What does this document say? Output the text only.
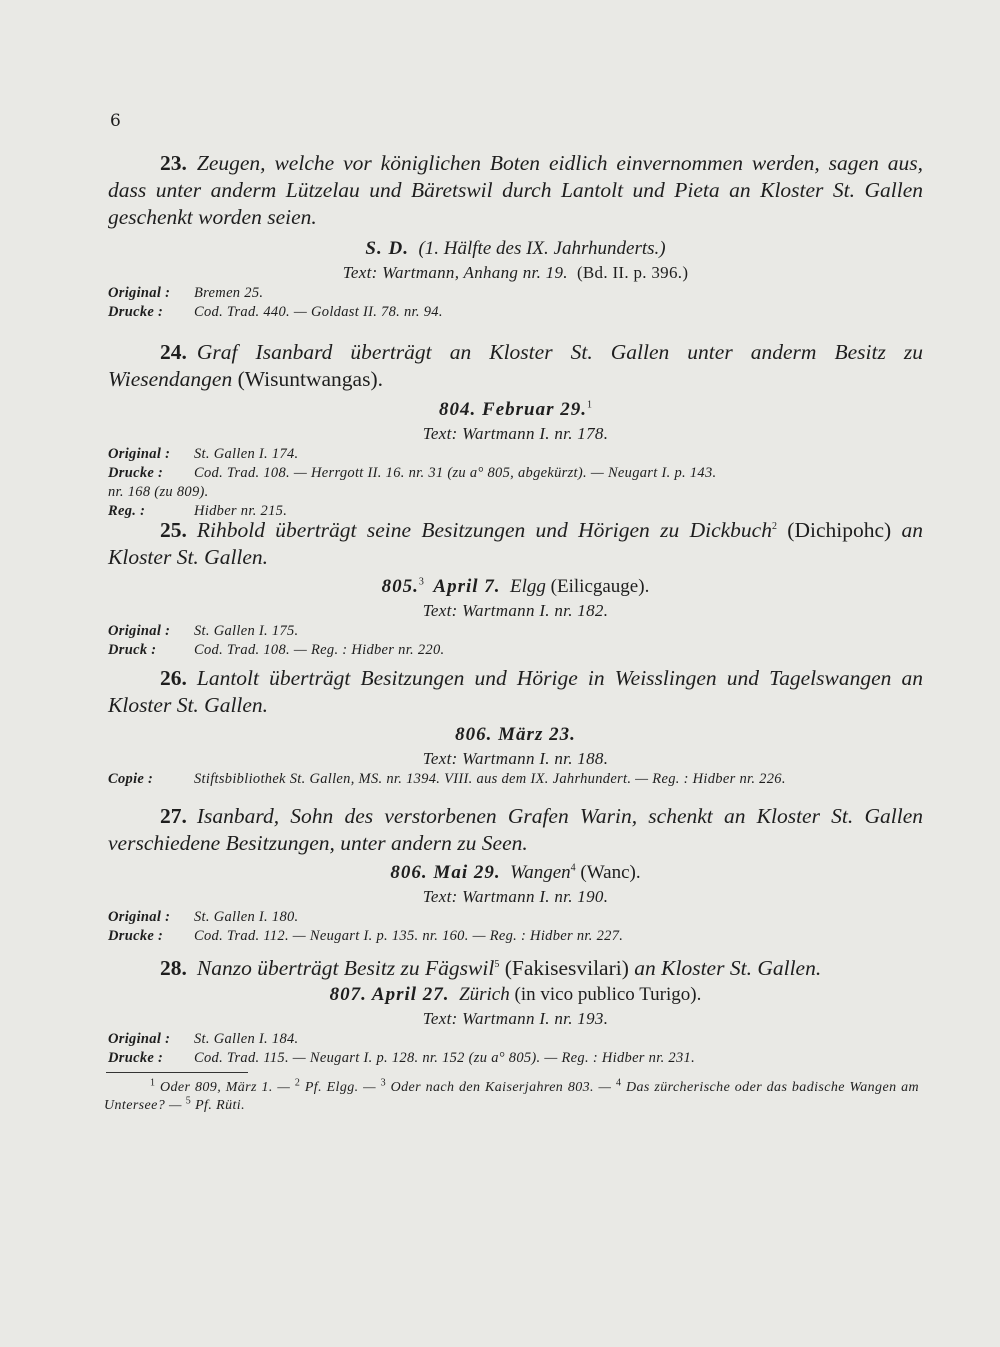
6

23. Zeugen, welche vor königlichen Boten eidlich einvernommen werden, sagen aus, dass unter anderm Lützelau und Bäretswil durch Lantolt und Pieta an Kloster St. Gallen geschenkt worden seien.

S. D. (1. Hälfte des IX. Jahrhunderts.)

Text: Wartmann, Anhang nr. 19. (Bd. II. p. 396.)

Original : Bremen 25.

Drucke : Cod. Trad. 440. — Goldast II. 78. nr. 94.

24. Graf Isanbard überträgt an Kloster St. Gallen unter anderm Besitz zu Wiesendangen (Wisuntwangas).

804. Februar 29.$^1$

Text: Wartmann I. nr. 178.

Original : St. Gallen I. 174.

Drucke : Cod. Trad. 108. — Herrgott II. 16. nr. 31 (zu a° 805, abgekürzt). — Neugart I. p. 143.

nr. 168 (zu 809).

Reg. :	Hidber nr. 215.

25. Rihbold überträgt seine Besitzungen und Hörigen zu Dickbuch$^2$ (Dichipohc) an Kloster St. Gallen.

805.$^3$ April 7. Elgg (Eilicgauge).

Text: Wartmann I. nr. 182.

Original : St. Gallen I. 175.

Druck :	Cod. Trad. 108. — Reg. : Hidber nr. 220.

26. Lantolt überträgt Besitzungen und Hörige in Weisslingen und Tagelswangen an Kloster St. Gallen.

806. März 23.

Text: Wartmann I. nr. 188.

Copie :	Stiftsbibliothek St. Gallen, MS. nr. 1394. VIII. aus dem IX. Jahrhundert. — Reg. : Hidber nr. 226.

27. Isanbard, Sohn des verstorbenen Grafen Warin, schenkt an Kloster St. Gallen verschiedene Besitzungen, unter andern zu Seen.

806. Mai 29. Wangen$^4$ (Wanc).

Text: Wartmann I. nr. 190.

Original : St. Gallen I. 180.

Drucke : Cod. Trad. 112. — Neugart I. p. 135. nr. 160. — Reg. : Hidber nr. 227.

28. Nanzo überträgt Besitz zu Fägswil$^5$ (Fakisesvilari) an Kloster St. Gallen.

807. April 27. Zürich (in vico publico Turigo).

Text: Wartmann I. nr. 193.

Original : St. Gallen I. 184.

Drucke : Cod. Trad. 115. — Neugart I. p. 128. nr. 152 (zu a° 805). — Reg. : Hidber nr. 231.

$^1$ Oder 809, März 1. — $^2$ Pf. Elgg. — $^3$ Oder nach den Kaiserjahren 803. — $^4$ Das zürcherische oder das badische Wangen am Untersee? — $^5$ Pf. Rüti.
